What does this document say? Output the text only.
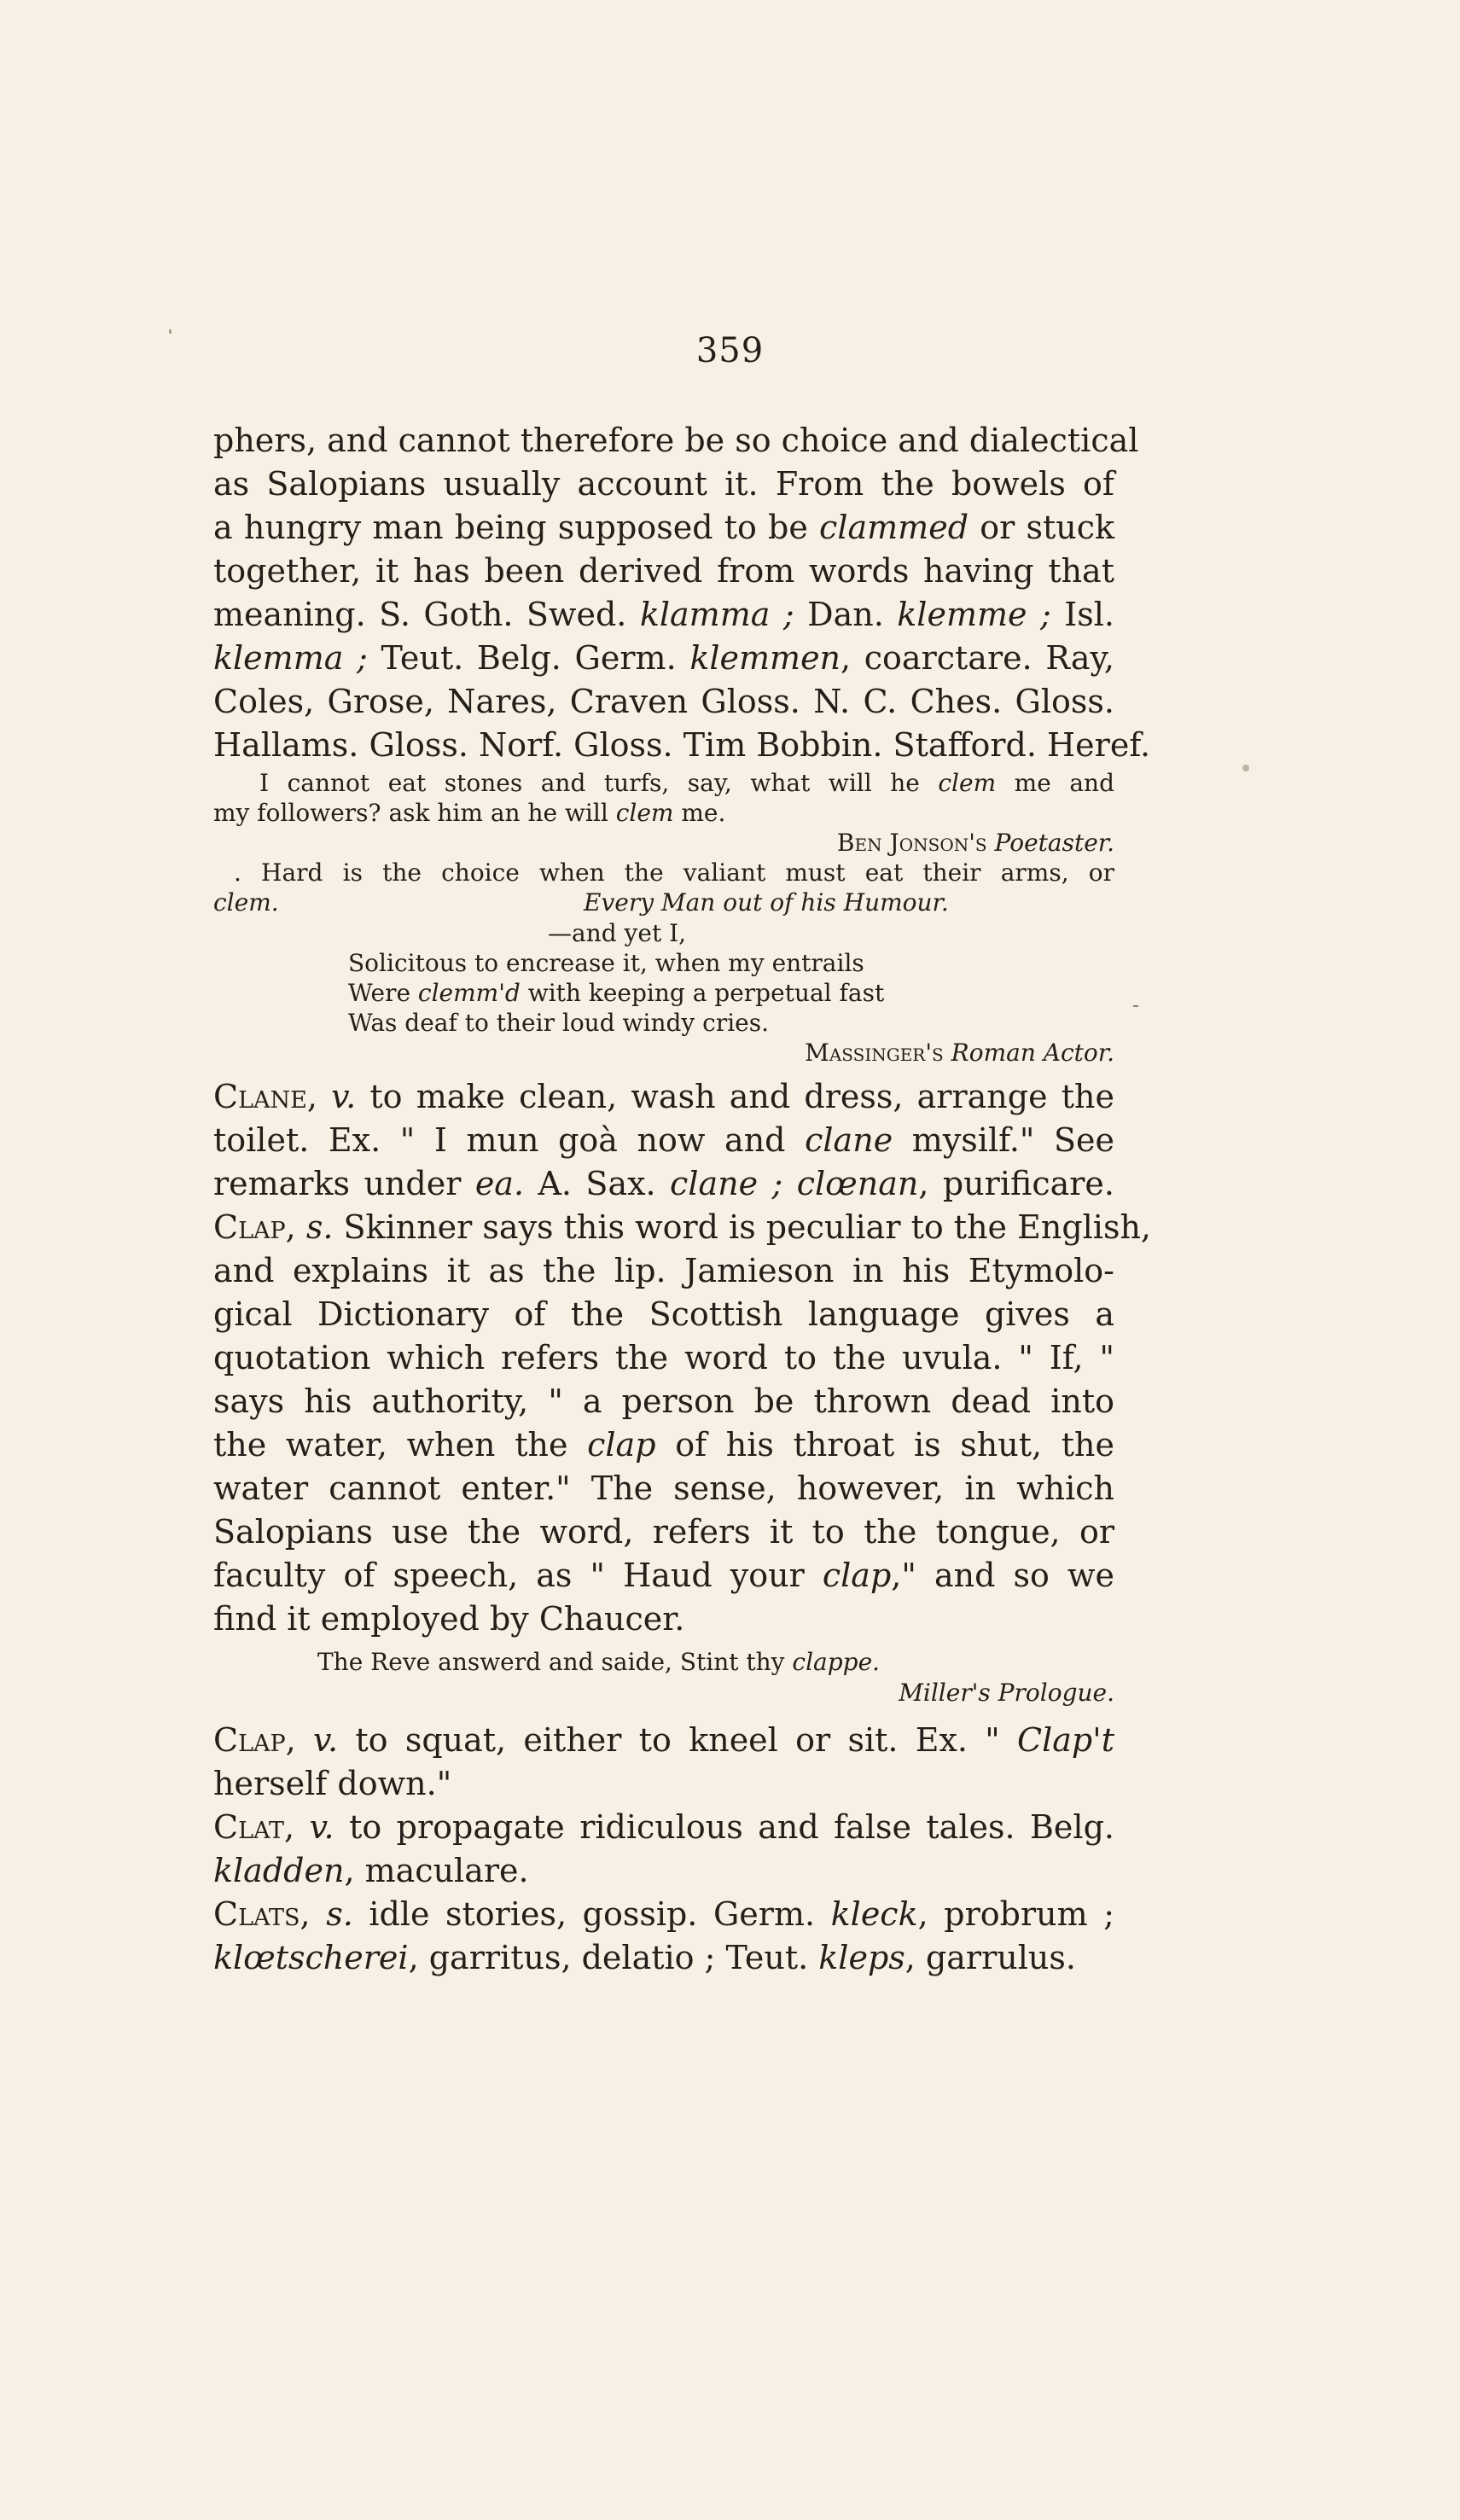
359

phers, and cannot therefore be so choice and dialectical

as Salopians usually account it. From the bowels of

a hungry man being supposed to be clammed or stuck

together, it has been derived from words having that

meaning. S. Goth. Swed. klamma ; Dan. klemme ; Isl.

klemma ; Teut. Belg. Germ. klemmen, coarctare. Ray,

Coles, Grose, Nares, Craven Gloss. N. C. Ches. Gloss.

Hallams. Gloss. Norf. Gloss. Tim Bobbin. Stafford. Heref.

I cannot eat stones and turfs, say, what will he clem me and

my followers? ask him an he will clem me.

Ben Jonson's Poetaster.

. Hard is the choice when the valiant must eat their arms, or

clem.	Every Man out of his Humour.

—and yet I,

Solicitous to encrease it, when my entrails

Were clemm'd with keeping a perpetual fast

Was deaf to their loud windy cries.

Massinger's Roman Actor.

Clane, v. to make clean, wash and dress, arrange the

toilet. Ex. " I mun goà now and clane mysilf." See

remarks under ea. A. Sax. clane ; clœnan, purificare.

Clap, s. Skinner says this word is peculiar to the English,

and explains it as the lip. Jamieson in his Etymolo-

gical Dictionary of the Scottish language gives a

quotation which refers the word to the uvula. " If, "

says his authority, " a person be thrown dead into

the water, when the clap of his throat is shut, the

water cannot enter." The sense, however, in which

Salopians use the word, refers it to the tongue, or

faculty of speech, as " Haud your clap," and so we

find it employed by Chaucer.

The Reve answerd and saide, Stint thy clappe.

Miller's Prologue.

Clap, v. to squat, either to kneel or sit. Ex. " Clap't

herself down."

Clat, v. to propagate ridiculous and false tales. Belg.

kladden, maculare.

Clats, s. idle stories, gossip. Germ. kleck, probrum ;

klœtscherei, garritus, delatio ; Teut. kleps, garrulus.
